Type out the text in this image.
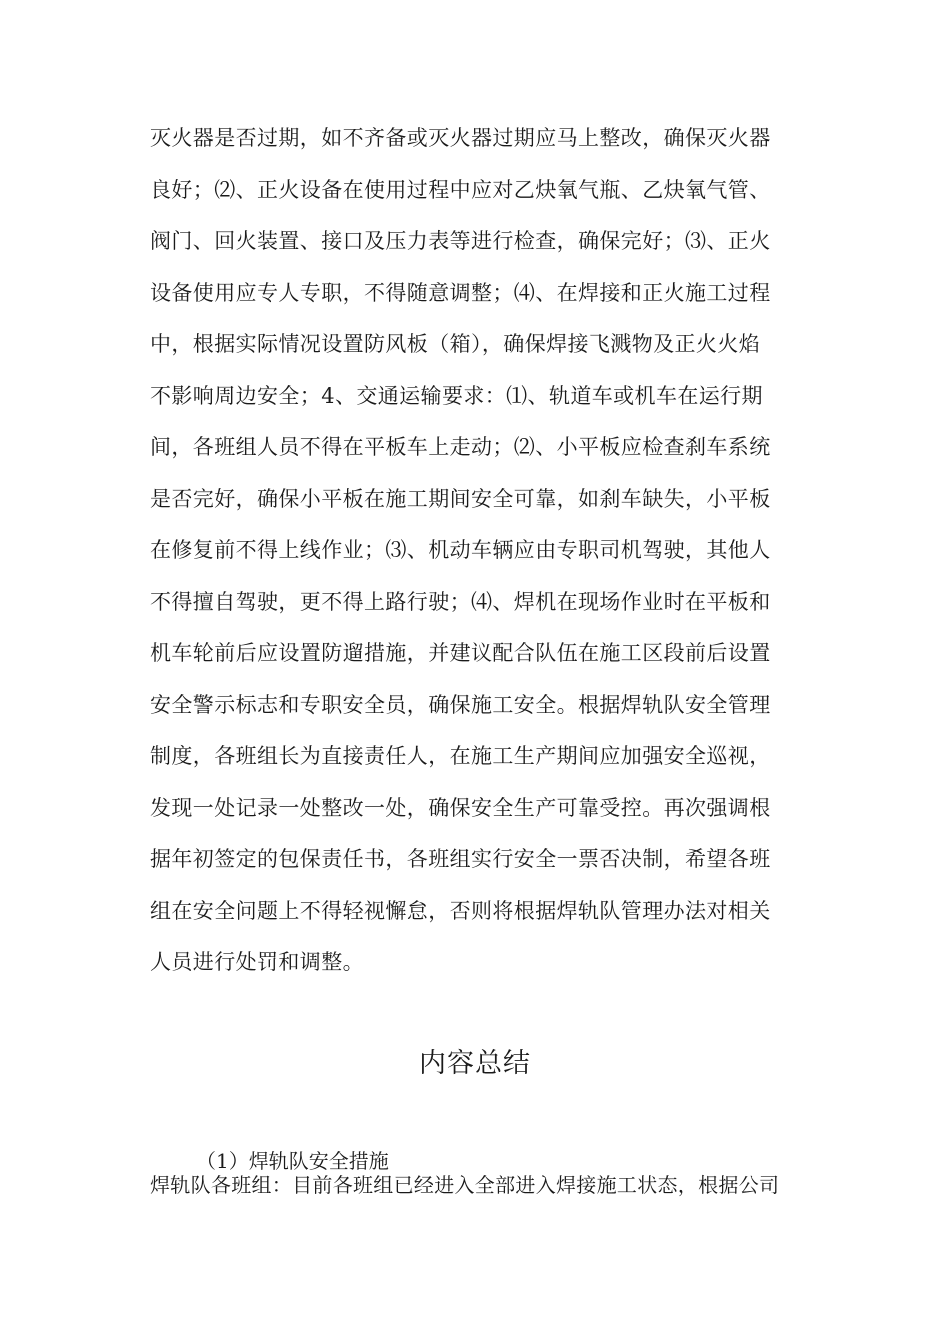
灭火器是否过期，如不齐备或灭火器过期应马上整改，确保灭火器
良好；⑵、正火设备在使用过程中应对乙炔氧气瓶、乙炔氧气管、
阀门、回火装置、接口及压力表等进行检查，确保完好；⑶、正火
设备使用应专人专职，不得随意调整；⑷、在焊接和正火施工过程
中，根据实际情况设置防风板（箱），确保焊接飞溅物及正火火焰
不影响周边安全；4、交通运输要求：⑴、轨道车或机车在运行期
间，各班组人员不得在平板车上走动；⑵、小平板应检查刹车系统
是否完好，确保小平板在施工期间安全可靠，如刹车缺失，小平板
在修复前不得上线作业；⑶、机动车辆应由专职司机驾驶，其他人
不得擅自驾驶，更不得上路行驶；⑷、焊机在现场作业时在平板和
机车轮前后应设置防遛措施，并建议配合队伍在施工区段前后设置
安全警示标志和专职安全员，确保施工安全。根据焊轨队安全管理
制度，各班组长为直接责任人，在施工生产期间应加强安全巡视，
发现一处记录一处整改一处，确保安全生产可靠受控。再次强调根
据年初签定的包保责任书，各班组实行安全一票否决制，希望各班
组在安全问题上不得轻视懈怠，否则将根据焊轨队管理办法对相关
人员进行处罚和调整。
内容总结
（1）焊轨队安全措施
焊轨队各班组：目前各班组已经进入全部进入焊接施工状态，根据公司
